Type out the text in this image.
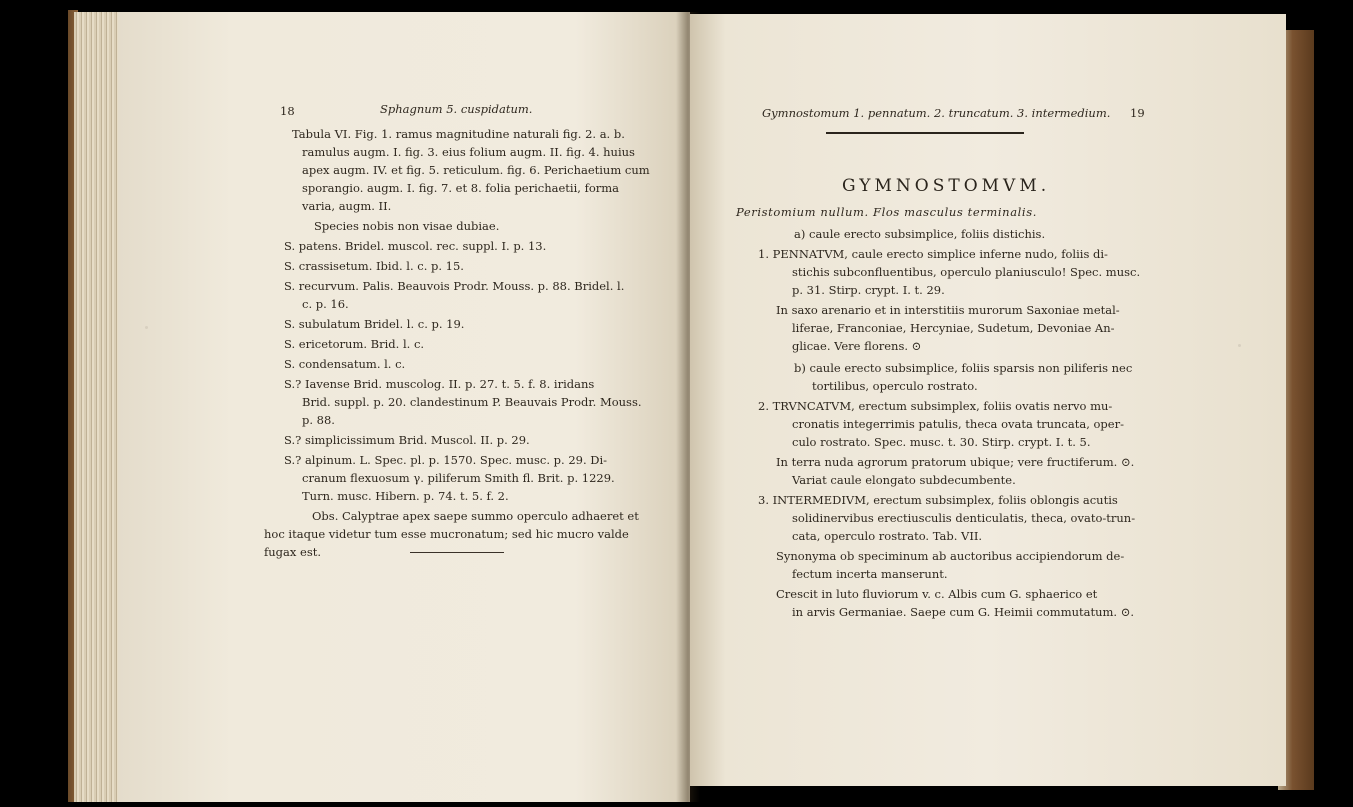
18	Sphagnum 5. cuspidatum.
Tabula VI. Fig. 1. ramus magnitudine naturali fig. 2. a. b.
ramulus augm. I. fig. 3. eius folium augm. II. fig. 4. huius
apex augm. IV. et fig. 5. reticulum. fig. 6. Perichaetium cum
sporangio. augm. I. fig. 7. et 8. folia perichaetii, forma
varia, augm. II.
Species nobis non visae dubiae.
S. patens. Bridel. muscol. rec. suppl. I. p. 13.
S. crassisetum. Ibid. l. c. p. 15.
S. recurvum. Palis. Beauvois Prodr. Mouss. p. 88. Bridel. l.
c. p. 16.
S. subulatum Bridel. l. c. p. 19.
S. ericetorum. Brid. l. c.
S. condensatum. l. c.
S.? Iavense Brid. muscolog. II. p. 27. t. 5. f. 8. iridans
Brid. suppl. p. 20. clandestinum P. Beauvais Prodr. Mouss.
p. 88.
S.? simplicissimum Brid. Muscol. II. p. 29.
S.? alpinum. L. Spec. pl. p. 1570. Spec. musc. p. 29. Di-
cranum flexuosum γ. piliferum Smith fl. Brit. p. 1229.
Turn. musc. Hibern. p. 74. t. 5. f. 2.
Obs. Calyptrae apex saepe summo operculo adhaeret et
hoc itaque videtur tum esse mucronatum; sed hic mucro valde
fugax est.
Gymnostomum 1. pennatum. 2. truncatum. 3. intermedium. 19
GYMNOSTOMVM.
Peristomium nullum. Flos masculus terminalis.
a) caule erecto subsimplice, foliis distichis.
1. PENNATVM, caule erecto simplice inferne nudo, foliis di-
stichis subconfluentibus, operculo planiusculo! Spec. musc.
p. 31. Stirp. crypt. I. t. 29.
In saxo arenario et in interstitiis murorum Saxoniae metal-
liferae, Franconiae, Hercyniae, Sudetum, Devoniae An-
glicae. Vere florens. ⊙
b) caule erecto subsimplice, foliis sparsis non piliferis nec
tortilibus, operculo rostrato.
2. TRVNCATVM, erectum subsimplex, foliis ovatis nervo mu-
cronatis integerrimis patulis, theca ovata truncata, oper-
culo rostrato. Spec. musc. t. 30. Stirp. crypt. I. t. 5.
In terra nuda agrorum pratorum ubique; vere fructiferum. ⊙.
Variat caule elongato subdecumbente.
3. INTERMEDIVM, erectum subsimplex, foliis oblongis acutis
solidinervibus erectiusculis denticulatis, theca, ovato-trun-
cata, operculo rostrato. Tab. VII.
Synonyma ob speciminum ab auctoribus accipiendorum de-
fectum incerta manserunt.
Crescit in luto fluviorum v. c. Albis cum G. sphaerico et
in arvis Germaniae. Saepe cum G. Heimii commutatum. ⊙.
